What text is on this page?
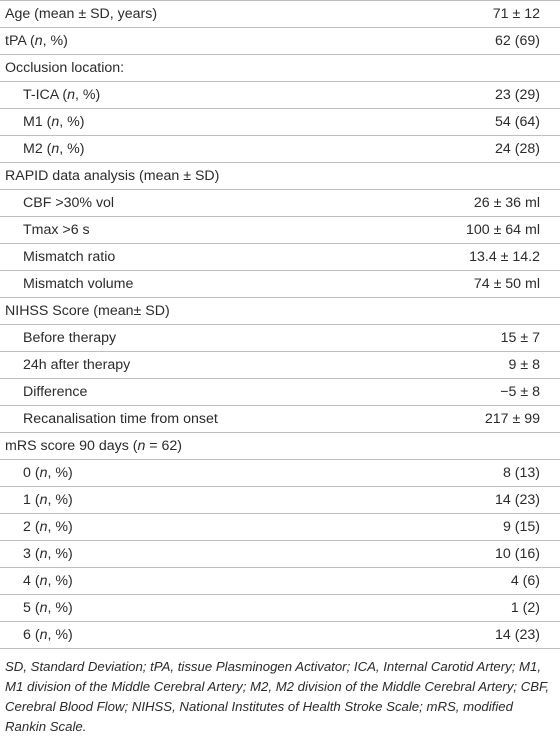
Age (mean ± SD, years)	71 ± 12
tPA (n, %)	62 (69)
Occlusion location:
T-ICA (n, %)	23 (29)
M1 (n, %)	54 (64)
M2 (n, %)	24 (28)
RAPID data analysis (mean ± SD)
CBF >30% vol	26 ± 36 ml
Tmax >6 s	100 ± 64 ml
Mismatch ratio	13.4 ± 14.2
Mismatch volume	74 ± 50 ml
NIHSS Score (mean± SD)
Before therapy	15 ± 7
24h after therapy	9 ± 8
Difference	−5 ± 8
Recanalisation time from onset	217 ± 99
mRS score 90 days (n = 62)
0 (n, %)	8 (13)
1 (n, %)	14 (23)
2 (n, %)	9 (15)
3 (n, %)	10 (16)
4 (n, %)	4 (6)
5 (n, %)	1 (2)
6 (n, %)	14 (23)
SD, Standard Deviation; tPA, tissue Plasminogen Activator; ICA, Internal Carotid Artery; M1, M1 division of the Middle Cerebral Artery; M2, M2 division of the Middle Cerebral Artery; CBF, Cerebral Blood Flow; NIHSS, National Institutes of Health Stroke Scale; mRS, modified Rankin Scale.
